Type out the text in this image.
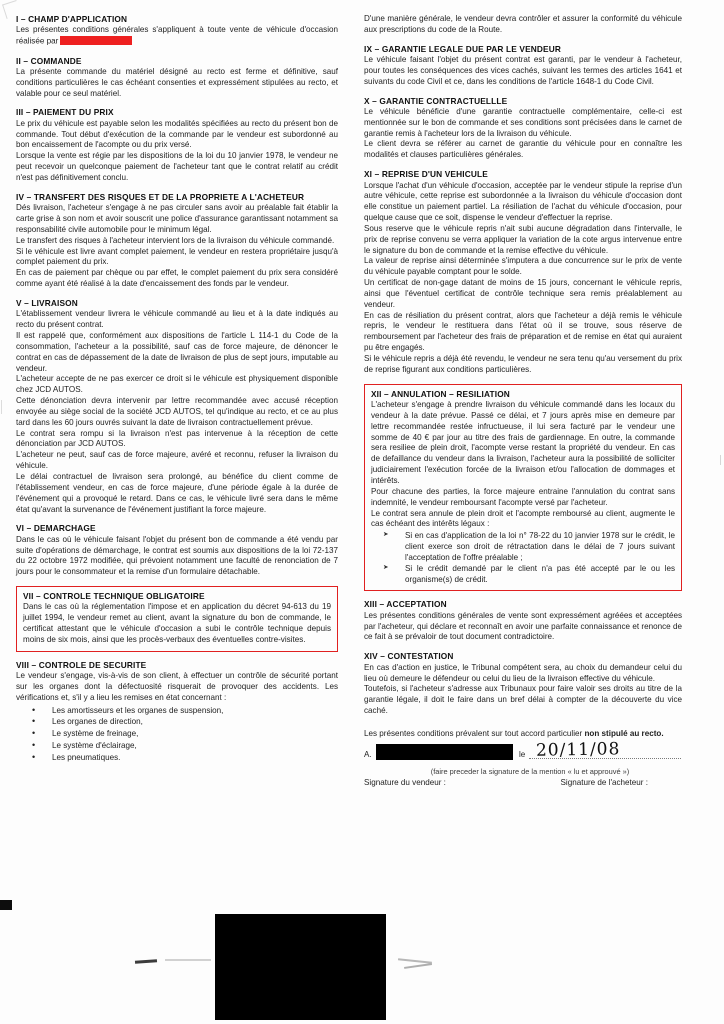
I – CHAMP D'APPLICATION

Les présentes conditions générales s'appliquent à toute vente de véhicule d'occasion réalisée par

II – COMMANDE

La présente commande du matériel désigné au recto est ferme et définitive, sauf conditions particulières le cas échéant consenties et expressément stipulées au recto, et valable pour ce seul matériel.

III – PAIEMENT DU PRIX

Le prix du véhicule est payable selon les modalités spécifiées au recto du présent bon de commande. Tout début d'exécution de la commande par le vendeur est subordonné au bon encaissement de l'acompte ou du prix versé.
Lorsque la vente est régie par les dispositions de la loi du 10 janvier 1978, le vendeur ne peut recevoir un quelconque paiement de l'acheteur tant que le contrat relatif au crédit n'est pas définitivement conclu.

IV – TRANSFERT DES RISQUES ET DE LA PROPRIETE A L'ACHETEUR

Dés livraison, l'acheteur s'engage à ne pas circuler sans avoir au préalable fait établir la carte grise à son nom et avoir souscrit une police d'assurance garantissant notamment sa responsabilité civile automobile pour le minimum légal.
Le transfert des risques à l'acheteur intervient lors de la livraison du véhicule commandé.
Si le véhicule est livre avant complet paiement, le vendeur en restera propriétaire jusqu'à complet paiement du prix.
En cas de paiement par chèque ou par effet, le complet paiement du prix sera considéré comme ayant été réalisé à la date d'encaissement des fonds par le vendeur.

V – LIVRAISON

L'établissement vendeur livrera le véhicule commandé au lieu et à la date indiqués au recto du présent contrat.
Il est rappelé que, conformément aux dispositions de l'article L 114-1 du Code de la consommation, l'acheteur a la possibilité, sauf cas de force majeure, de dénoncer le contrat en cas de dépassement de la date de livraison de plus de sept jours, imputable au vendeur.
L'acheteur accepte de ne pas exercer ce droit si le véhicule est physiquement disponible chez JCD AUTOS.
Cette dénonciation devra intervenir par lettre recommandée avec accusé réception envoyée au siège social de la société JCD AUTOS, tel qu'indique au recto, et ce au plus tard dans les 60 jours ouvrés suivant la date de livraison contractuellement prévue.
Le contrat sera rompu si la livraison n'est pas intervenue à la réception de cette dénonciation par JCD AUTOS.
L'acheteur ne peut, sauf cas de force majeure, avéré et reconnu, refuser la livraison du véhicule.
Le délai contractuel de livraison sera prolongé, au bénéfice du client comme de l'établissement vendeur, en cas de force majeure, d'une période égale à la durée de l'événement qui a provoqué le retard. Dans ce cas, le véhicule livré sera dans le même état qu'avant la survenance de l'événement justifiant la force majeure.

VI – DEMARCHAGE

Dans le cas où le véhicule faisant l'objet du présent bon de commande a été vendu par suite d'opérations de démarchage, le contrat est soumis aux dispositions de la loi 72-137 du 22 octobre 1972 modifiée, qui prévoient notamment une faculté de renonciation de 7 jours pour le consommateur et la remise d'un formulaire détachable.

VII – CONTROLE TECHNIQUE OBLIGATOIRE

Dans le cas où la réglementation l'impose et en application du décret 94-613 du 19 juillet 1994, le vendeur remet au client, avant la signature du bon de commande, le certificat attestant que le véhicule d'occasion a subi le contrôle technique depuis moins de six mois, ainsi que les procès-verbaux des éventuelles contre-visites.

VIII – CONTROLE DE SECURITE

Le vendeur s'engage, vis-à-vis de son client, à effectuer un contrôle de sécurité portant sur les organes dont la défectuosité risquerait de provoquer des accidents. Les vérifications et, s'il y a lieu les remises en état concernant :

• Les amortisseurs et les organes de suspension,
• Les organes de direction,
• Le système de freinage,
• Le système d'éclairage,
• Les pneumatiques.

D'une manière générale, le vendeur devra contrôler et assurer la conformité du véhicule aux prescriptions du code de la Route.

IX – GARANTIE LEGALE DUE PAR LE VENDEUR

Le véhicule faisant l'objet du présent contrat est garanti, par le vendeur à l'acheteur, pour toutes les conséquences des vices cachés, suivant les termes des articles 1641 et suivants du code Civil et ce, dans les conditions de l'article 1648-1 du Code Civil.

X – GARANTIE CONTRACTUELLLE

Le véhicule bénéficie d'une garantie contractuelle complémentaire, celle-ci est mentionnée sur le bon de commande et ses conditions sont précisées dans le carnet de garantie remis à l'acheteur lors de la livraison du véhicule.
Le client devra se référer au carnet de garantie du véhicule pour en connaître les modalités et clauses particulières générales.

XI – REPRISE D'UN VEHICULE

Lorsque l'achat d'un véhicule d'occasion, acceptée par le vendeur stipule la reprise d'un autre véhicule, cette reprise est subordonnée a la livraison du véhicule d'occasion dont elle constitue un paiement partiel. La résiliation de l'achat du véhicule d'occasion, pour quelque cause que ce soit, dispense le vendeur d'effectuer la reprise.
Sous reserve que le véhicule repris n'ait subi aucune dégradation dans l'intervalle, le prix de reprise convenu se verra appliquer la variation de la cote argus intervenue entre le signature du bon de commande et la remise effective du véhicule.
La valeur de reprise ainsi déterminée s'imputera a due concurrence sur le prix de vente du véhicule payable comptant pour le solde.
Un certificat de non-gage datant de moins de 15 jours, concernant le véhicule repris, ainsi que l'éventuel certificat de contrôle technique sera remis préalablement au vendeur.
En cas de résiliation du présent contrat, alors que l'acheteur a déjà remis le véhicule repris, le vendeur le restituera dans l'état où il se trouve, sous réserve de remboursement par l'acheteur des frais de préparation et de remise en état qui auraient pu être engagés.
Si le véhicule repris a déjà été revendu, le vendeur ne sera tenu qu'au versement du prix de reprise figurant aux conditions particulières.

XII – ANNULATION – RESILIATION

L'acheteur s'engage à prendre livraison du véhicule commandé dans les locaux du vendeur à la date prévue. Passé ce délai, et 7 jours après mise en demeure par lettre recommandée restée infructueuse, il lui sera facturé par le vendeur une somme de 40 € par jour au titre des frais de gardiennage. En outre, la commande sera resiliee de plein droit, l'acompte verse restant la propriété du vendeur. En cas de defaillance du vendeur dans la livraison, l'acheteur aura la possibilité de solliciter judiciairement l'exécution forcée de la livraison et/ou l'allocation de dommages et intérêts.
Pour chacune des parties, la force majeure entraine l'annulation du contrat sans indemnité, le vendeur remboursant l'acompte versé par l'acheteur.
Le contrat sera annule de plein droit et l'acompte remboursé au client, augmente le cas échéant des intérêts légaux :

➤ Si en cas d'application de la loi n° 78-22 du 10 janvier 1978 sur le crédit, le client exerce son droit de rétractation dans le délai de 7 jours suivant l'acceptation de l'offre préalable ;
➤ Si le crédit demandé par le client n'a pas été accepté par le ou les organisme(s) de crédit.
XIII – ACCEPTATION

Les présentes conditions générales de vente sont expressément agréées et acceptées par l'acheteur, qui déclare et reconnaît en avoir une parfaite connaissance et renonce de ce fait à se prévaloir de tout document contradictoire.

XIV – CONTESTATION

En cas d'action en justice, le Tribunal compétent sera, au choix du demandeur celui du lieu où demeure le défendeur ou celui du lieu de la livraison effective du véhicule.
Toutefois, si l'acheteur s'adresse aux Tribunaux pour faire valoir ses droits au titre de la garantie légale, il doit le faire dans un bref délai à compter de la découverte du vice caché.

Les présentes conditions prévalent sur tout accord particulier non stipulé au recto.

A.	le 20/11/08
(faire preceder la signature de la mention « lu et approuvé »)
Signature du vendeur :	Signature de l'acheteur :
